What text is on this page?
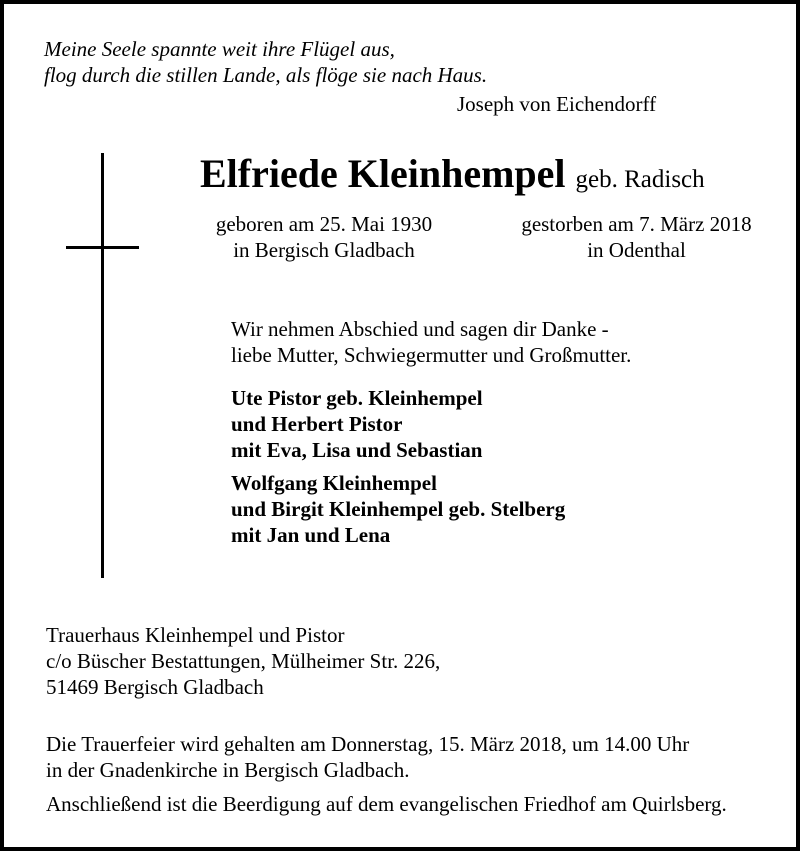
Meine Seele spannte weit ihre Flügel aus,
flog durch die stillen Lande, als flöge sie nach Haus.
Joseph von Eichendorff
Elfriede Kleinhempel geb. Radisch
geboren am 25. Mai 1930
in Bergisch Gladbach
gestorben am 7. März 2018
in Odenthal
Wir nehmen Abschied und sagen dir Danke -
liebe Mutter, Schwiegermutter und Großmutter.
Ute Pistor geb. Kleinhempel
und Herbert Pistor
mit Eva, Lisa und Sebastian
Wolfgang Kleinhempel
und Birgit Kleinhempel geb. Stelberg
mit Jan und Lena
Trauerhaus Kleinhempel und Pistor
c/o Büscher Bestattungen, Mülheimer Str. 226,
51469 Bergisch Gladbach
Die Trauerfeier wird gehalten am Donnerstag, 15. März 2018, um 14.00 Uhr
in der Gnadenkirche in Bergisch Gladbach.
Anschließend ist die Beerdigung auf dem evangelischen Friedhof am Quirlsberg.
